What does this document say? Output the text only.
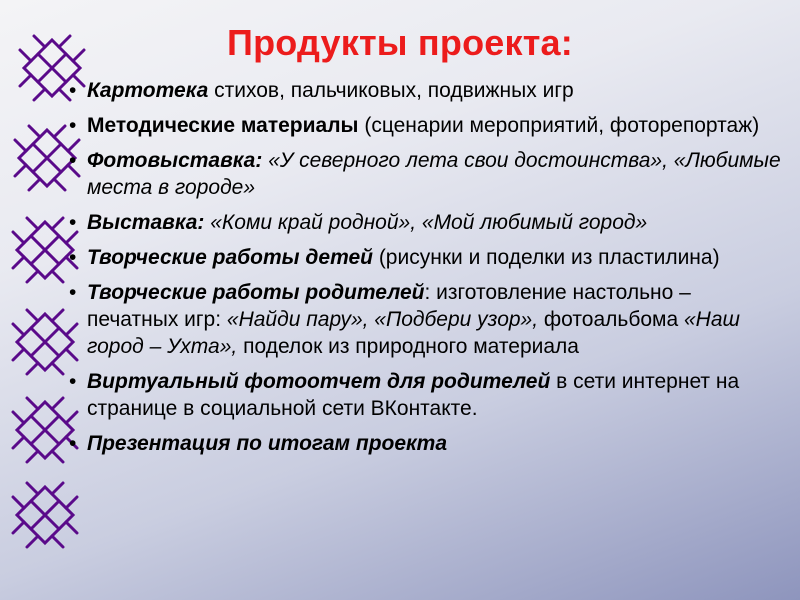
Продукты проекта:
• Картотека стихов, пальчиковых, подвижных игр
• Методические материалы (сценарии мероприятий, фоторепортаж)
• Фотовыставка: «У северного лета свои достоинства», «Любимые места в городе»
• Выставка: «Коми край родной», «Мой любимый город»
• Творческие работы детей (рисунки и поделки из пластилина)
• Творческие работы родителей: изготовление настольно – печатных игр: «Найди пару», «Подбери узор», фотоальбома «Наш город – Ухта», поделок из природного материала
• Виртуальный фотоотчет для родителей в сети интернет на странице в социальной сети ВКонтакте.
• Презентация по итогам проекта
